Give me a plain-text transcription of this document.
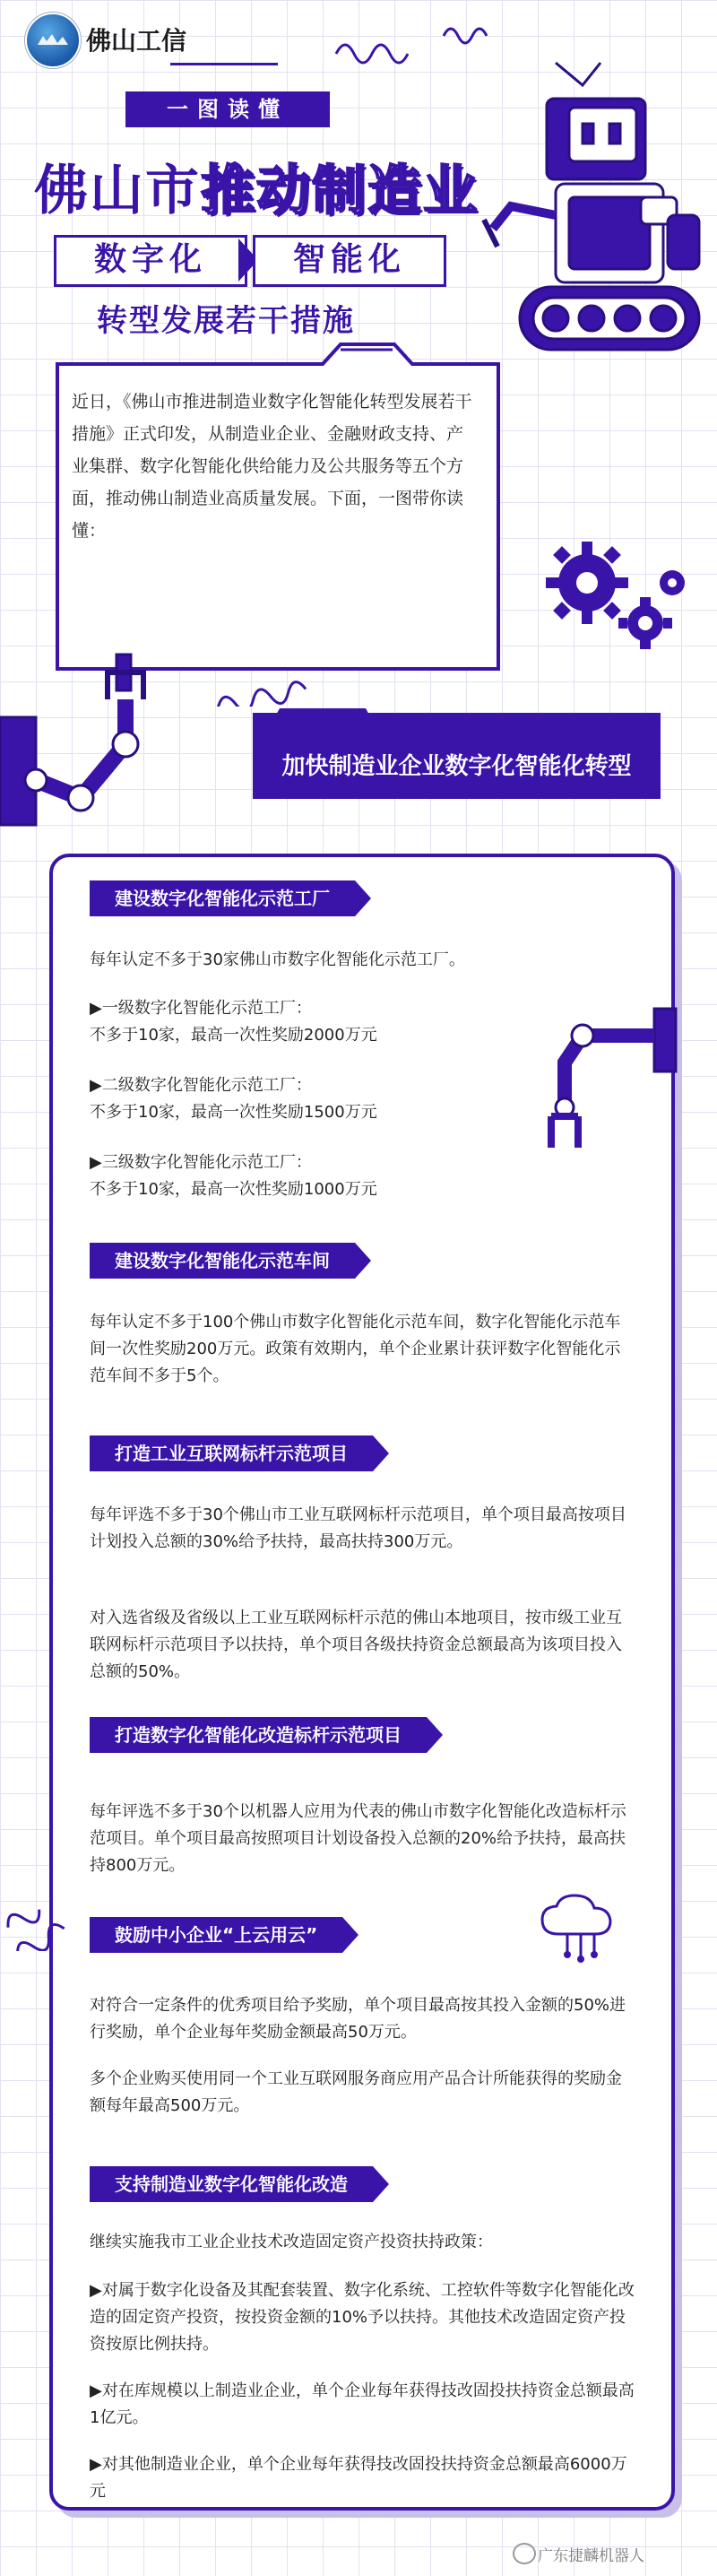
佛山工信
一图读懂
佛山市推动制造业
数字化	智能化
转型发展若干措施
近日，《佛山市推进制造业数字化智能化转型发展若干措施》正式印发，从制造业企业、金融财政支持、产业集群、数字化智能化供给能力及公共服务等五个方面，推动佛山制造业高质量发展。下面，一图带你读懂：
加快制造业企业数字化智能化转型
建设数字化智能化示范工厂
每年认定不多于30家佛山市数字化智能化示范工厂。
▶一级数字化智能化示范工厂：
不多于10家，最高一次性奖励2000万元
▶二级数字化智能化示范工厂：
不多于10家，最高一次性奖励1500万元
▶三级数字化智能化示范工厂：
不多于10家，最高一次性奖励1000万元
建设数字化智能化示范车间
每年认定不多于100个佛山市数字化智能化示范车间，数字化智能化示范车间一次性奖励200万元。政策有效期内，单个企业累计获评数字化智能化示范车间不多于5个。
打造工业互联网标杆示范项目
每年评选不多于30个佛山市工业互联网标杆示范项目，单个项目最高按项目计划投入总额的30%给予扶持，最高扶持300万元。
对入选省级及省级以上工业互联网标杆示范的佛山本地项目，按市级工业互联网标杆示范项目予以扶持，单个项目各级扶持资金总额最高为该项目投入总额的50%。
打造数字化智能化改造标杆示范项目
每年评选不多于30个以机器人应用为代表的佛山市数字化智能化改造标杆示范项目。单个项目最高按照项目计划设备投入总额的20%给予扶持，最高扶持800万元。
鼓励中小企业“上云用云”
对符合一定条件的优秀项目给予奖励，单个项目最高按其投入金额的50%进行奖励，单个企业每年奖励金额最高50万元。
多个企业购买使用同一个工业互联网服务商应用产品合计所能获得的奖励金额每年最高500万元。
支持制造业数字化智能化改造
继续实施我市工业企业技术改造固定资产投资扶持政策：
▶对属于数字化设备及其配套装置、数字化系统、工控软件等数字化智能化改造的固定资产投资，按投资金额的10%予以扶持。其他技术改造固定资产投资按原比例扶持。
▶对在库规模以上制造业企业，单个企业每年获得技改固投扶持资金总额最高1亿元。
▶对其他制造业企业，单个企业每年获得技改固投扶持资金总额最高6000万元
广东捷麟机器人
